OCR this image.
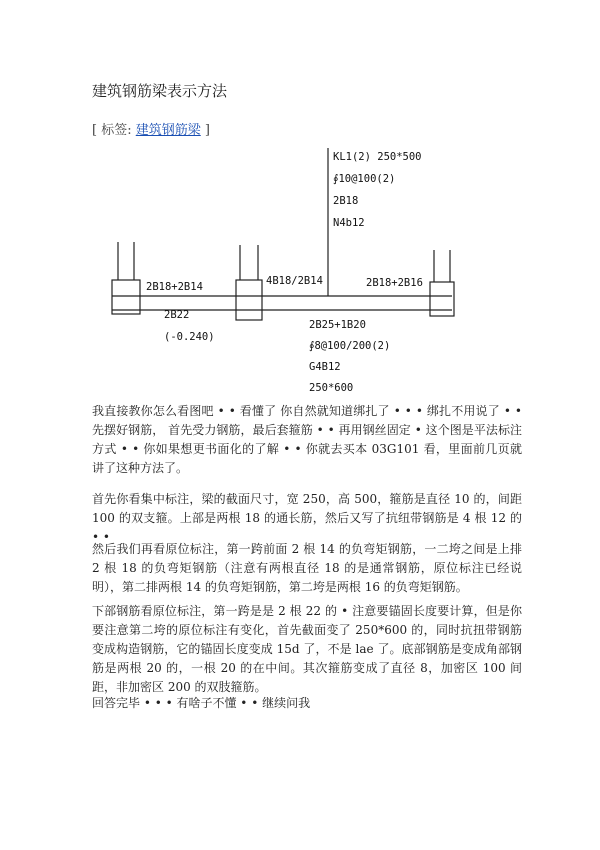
建筑钢筋梁表示方法
[ 标签: 建筑钢筋梁 ]
KL1(2) 250*500
∮10@100(2)
2B18
N4b12
2B18+2B14	4B18/2B14	2B18+2B16
2B22
(-0.240)
2B25+1B20
∮8@100/200(2)
G4B12
250*600

我直接教你怎么看图吧 • • 看懂了 你自然就知道绑扎了 • • • 绑扎不用说了 • • 先摆好钢筋， 首先受力钢筋，最后套箍筋 • • 再用钢丝固定 • 这个图是平法标注方式 • • 你如果想更书面化的了解 • • 你就去买本 03G101 看，里面前几页就讲了这种方法了。

首先你看集中标注，梁的截面尺寸，宽 250，高 500，箍筋是直径 10 的，间距 100 的双支箍。上部是两根 18 的通长筋，然后又写了抗纽带钢筋是 4 根 12 的 • •

然后我们再看原位标注，第一跨前面 2 根 14 的负弯矩钢筋，一二垮之间是上排 2 根 18 的负弯矩钢筋（注意有两根直径 18 的是通常钢筋，原位标注已经说明），第二排两根 14 的负弯矩钢筋，第二垮是两根 16 的负弯矩钢筋。

下部钢筋看原位标注，第一跨是是 2 根 22 的 • 注意要锚固长度要计算，但是你要注意第二垮的原位标注有变化，首先截面变了 250*600 的，同时抗扭带钢筋变成构造钢筋，它的锚固长度变成 15d 了，不是 lae 了。底部钢筋是变成角部钢筋是两根 20 的，一根 20 的在中间。其次箍筋变成了直径 8，加密区 100 间距，非加密区 200 的双肢箍筋。

回答完毕 • • • 有啥子不懂 • • 继续问我
